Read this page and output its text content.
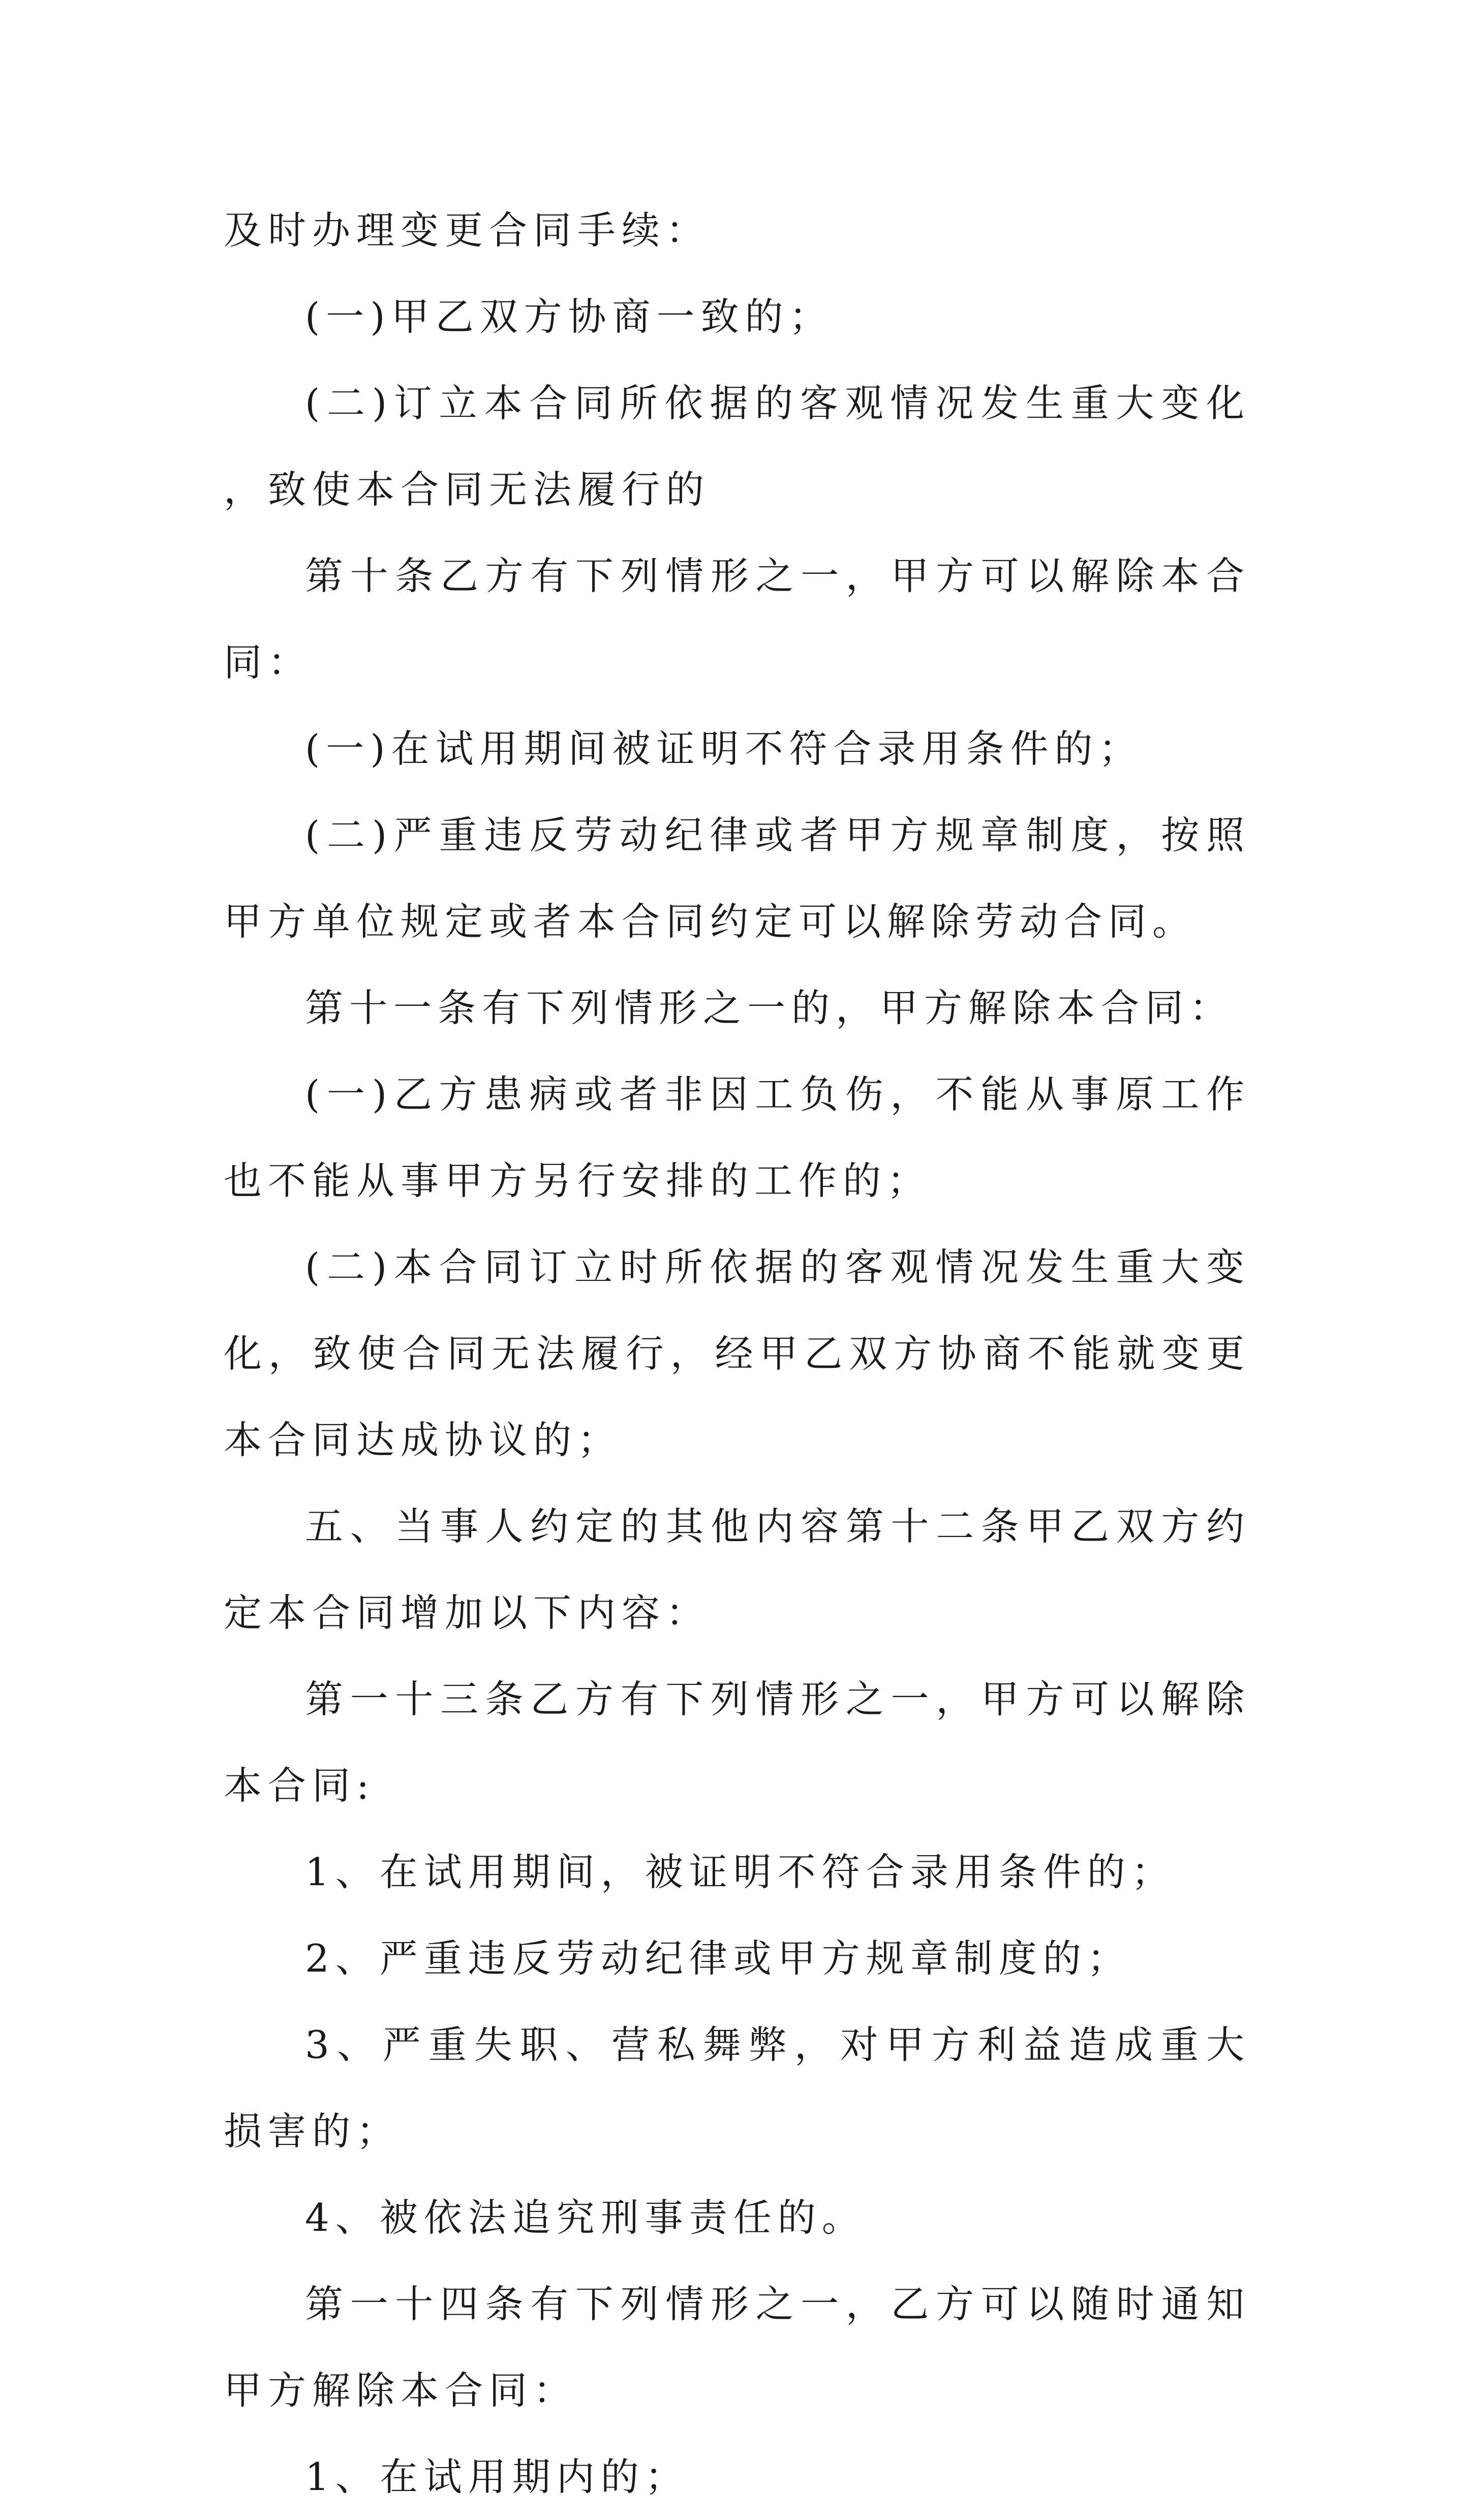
及时办理变更合同手续：

(一)甲乙双方协商一致的；

(二)订立本合同所依据的客观情况发生重大变化，致使本合同无法履行的

第十条乙方有下列情形之一，甲方可以解除本合同：

(一)在试用期间被证明不符合录用条件的；

(二)严重违反劳动纪律或者甲方规章制度，按照甲方单位规定或者本合同约定可以解除劳动合同。

第十一条有下列情形之一的，甲方解除本合同：

(一)乙方患病或者非因工负伤，不能从事原工作也不能从事甲方另行安排的工作的；

(二)本合同订立时所依据的客观情况发生重大变化，致使合同无法履行，经甲乙双方协商不能就变更本合同达成协议的；

五、当事人约定的其他内容第十二条甲乙双方约定本合同增加以下内容：

第一十三条乙方有下列情形之一，甲方可以解除本合同:

1、在试用期间，被证明不符合录用条件的；

2、严重违反劳动纪律或甲方规章制度的；

3、严重失职、营私舞弊，对甲方利益造成重大损害的；

4、被依法追究刑事责任的。

第一十四条有下列情形之一，乙方可以随时通知甲方解除本合同：

1、在试用期内的；
